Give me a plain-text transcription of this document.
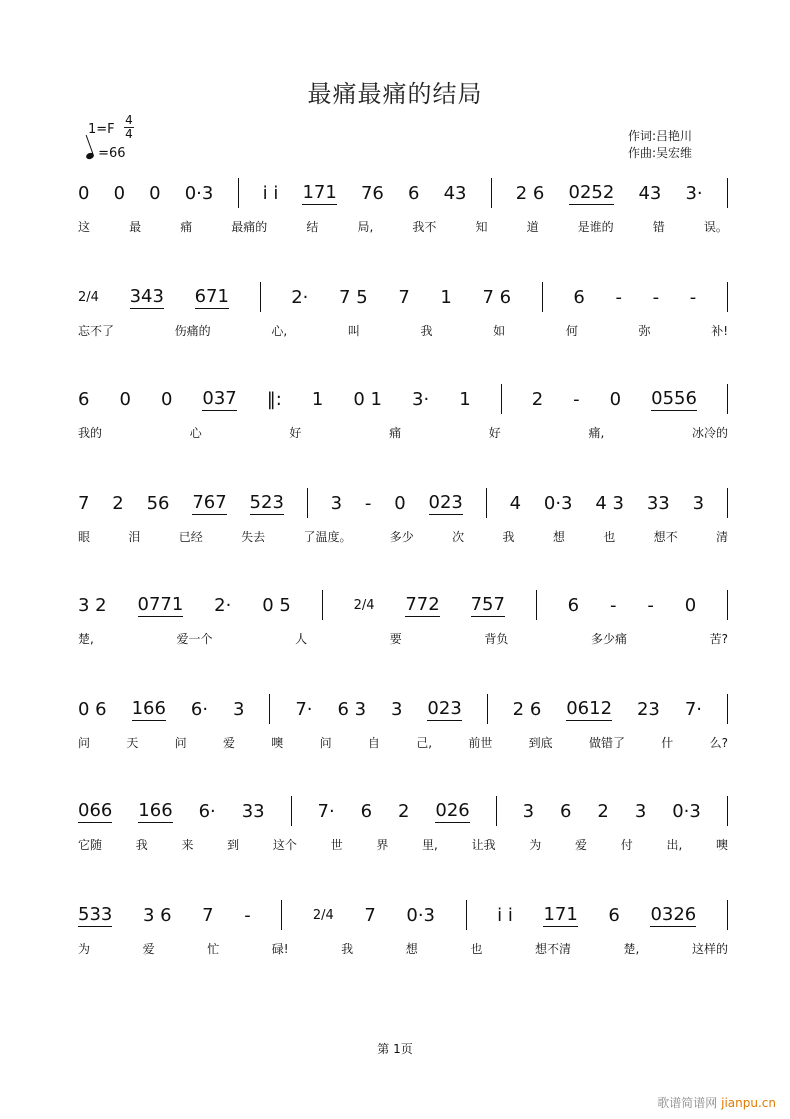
最痛最痛的结局
1=F
4
4
=66
作词:吕艳川
作曲:吴宏维
0 0 0 0·3	i i 171 76 6 43	2 6 0252 43 3·
这	最	痛	最痛的	结	局,	我不	知	道	是谁的	错	误。
2/4 343 671	2· 7 5 7 1 7 6	6 - - -
忘不了	伤痛的	心,	叫	我	如	何	弥	补!
6 0 0 037 ‖: 1 0 1 3· 1	2 - 0 0556
我的	心	好	痛	好	痛,	冰冷的
7 2 56 767 523	3 - 0 023	4 0·3 4 3 33 3
眼	泪	已经	失去	了温度。	多少	次	我	想	也	想不	清
3 2 0771 2· 0 5	2/4 772 757	6 - - 0
楚,	爱一个	人	要	背负	多少痛	苦?
0 6 166 6· 3	7· 6 3 3 023	2 6 0612 23 7·
问	天	问	爱	噢	问	自	己,	前世	到底	做错了	什	么?
066 166 6· 33	7· 6 2 026	3 6 2 3 0·3
它随	我	来	到	这个	世	界	里,	让我	为	爱	付	出,	噢
533 3 6 7 -	2/4 7 0·3	i i 171 6 0326
为	爱	忙	碌!	我	想	也	想不清	楚,	这样的
第 1页
歌谱简谱网 jianpu.cn
